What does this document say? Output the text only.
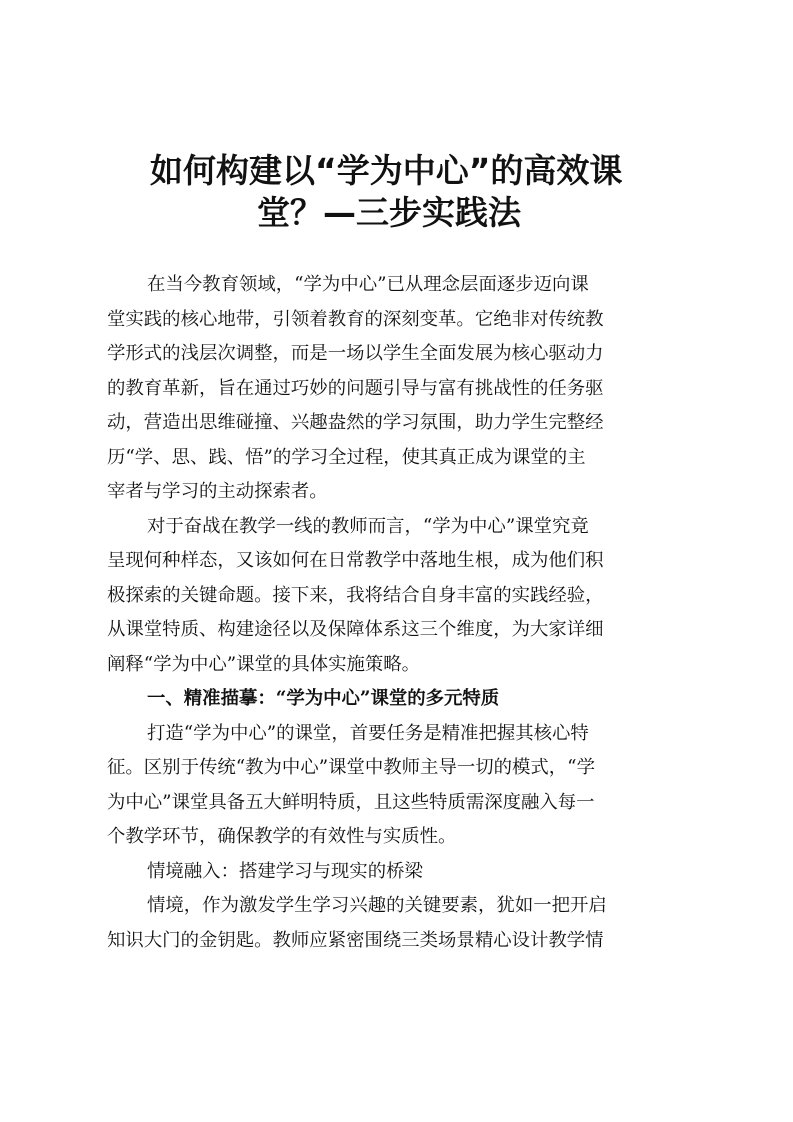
如何构建以“学为中心”的高效课
堂？—三步实践法

在当今教育领域，“学为中心”已从理念层面逐步迈向课
堂实践的核心地带，引领着教育的深刻变革。它绝非对传统教
学形式的浅层次调整，而是一场以学生全面发展为核心驱动力
的教育革新，旨在通过巧妙的问题引导与富有挑战性的任务驱
动，营造出思维碰撞、兴趣盎然的学习氛围，助力学生完整经
历“学、思、践、悟”的学习全过程，使其真正成为课堂的主
宰者与学习的主动探索者。

对于奋战在教学一线的教师而言，“学为中心”课堂究竟
呈现何种样态，又该如何在日常教学中落地生根，成为他们积
极探索的关键命题。接下来，我将结合自身丰富的实践经验，
从课堂特质、构建途径以及保障体系这三个维度，为大家详细
阐释“学为中心”课堂的具体实施策略。

一、精准描摹：“学为中心”课堂的多元特质

打造“学为中心”的课堂，首要任务是精准把握其核心特
征。区别于传统“教为中心”课堂中教师主导一切的模式，“学
为中心”课堂具备五大鲜明特质，且这些特质需深度融入每一
个教学环节，确保教学的有效性与实质性。

情境融入：搭建学习与现实的桥梁

情境，作为激发学生学习兴趣的关键要素，犹如一把开启
知识大门的金钥匙。教师应紧密围绕三类场景精心设计教学情
